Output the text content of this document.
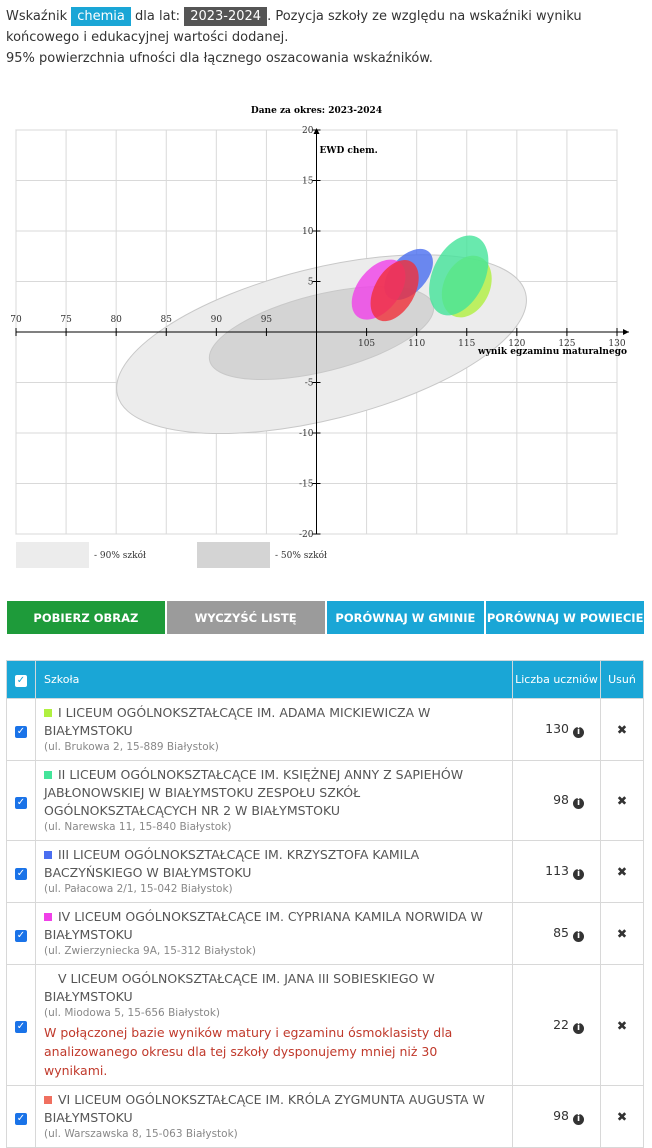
Wskaźnik chemia dla lat: 2023-2024 . Pozycja szkoły ze względu na wskaźniki wyniku końcowego i edukacyjnej wartości dodanej.
95% powierzchnia ufności dla łącznego oszacowania wskaźników.
70	75	80	85	90	95
105	110	115	120	125	130
20
15
10
5
-5
-10
-15
-20
Dane za okres: 2023-2024
EWD chem.
wynik egzaminu maturalnego
- 90% szkół	- 50% szkół
POBIERZ OBRAZ	WYCZYŚĆ LISTĘ	PORÓWNAJ W GMINIE PORÓWNAJ W POWIECIE
✓	Szkoła	Liczba uczniów	Usuń
✓	I LICEUM OGÓLNOKSZTAŁCĄCE IM. ADAMA MICKIEWICZA W BIAŁYMSTOKU
(ul. Brukowa 2, 15-889 Białystok)	130 i	✖
✓	II LICEUM OGÓLNOKSZTAŁCĄCE IM. KSIĘŻNEJ ANNY Z SAPIEHÓW JABŁONOWSKIEJ W BIAŁYMSTOKU ZESPOŁU SZKÓŁ OGÓLNOKSZTAŁCĄCYCH NR 2 W BIAŁYMSTOKU
(ul. Narewska 11, 15-840 Białystok)	98 i	✖
✓	III LICEUM OGÓLNOKSZTAŁCĄCE IM. KRZYSZTOFA KAMILA BACZYŃSKIEGO W BIAŁYMSTOKU
(ul. Pałacowa 2/1, 15-042 Białystok)	113 i	✖
✓	IV LICEUM OGÓLNOKSZTAŁCĄCE IM. CYPRIANA KAMILA NORWIDA W BIAŁYMSTOKU
(ul. Zwierzyniecka 9A, 15-312 Białystok)	85 i	✖
✓	V LICEUM OGÓLNOKSZTAŁCĄCE IM. JANA III SOBIESKIEGO W BIAŁYMSTOKU
(ul. Miodowa 5, 15-656 Białystok)
W połączonej bazie wyników matury i egzaminu ósmoklasisty dla analizowanego okresu dla tej szkoły dysponujemy mniej niż 30 wynikami.	22 i	✖
✓	VI LICEUM OGÓLNOKSZTAŁCĄCE IM. KRÓLA ZYGMUNTA AUGUSTA W BIAŁYMSTOKU
(ul. Warszawska 8, 15-063 Białystok)	98 i	✖
